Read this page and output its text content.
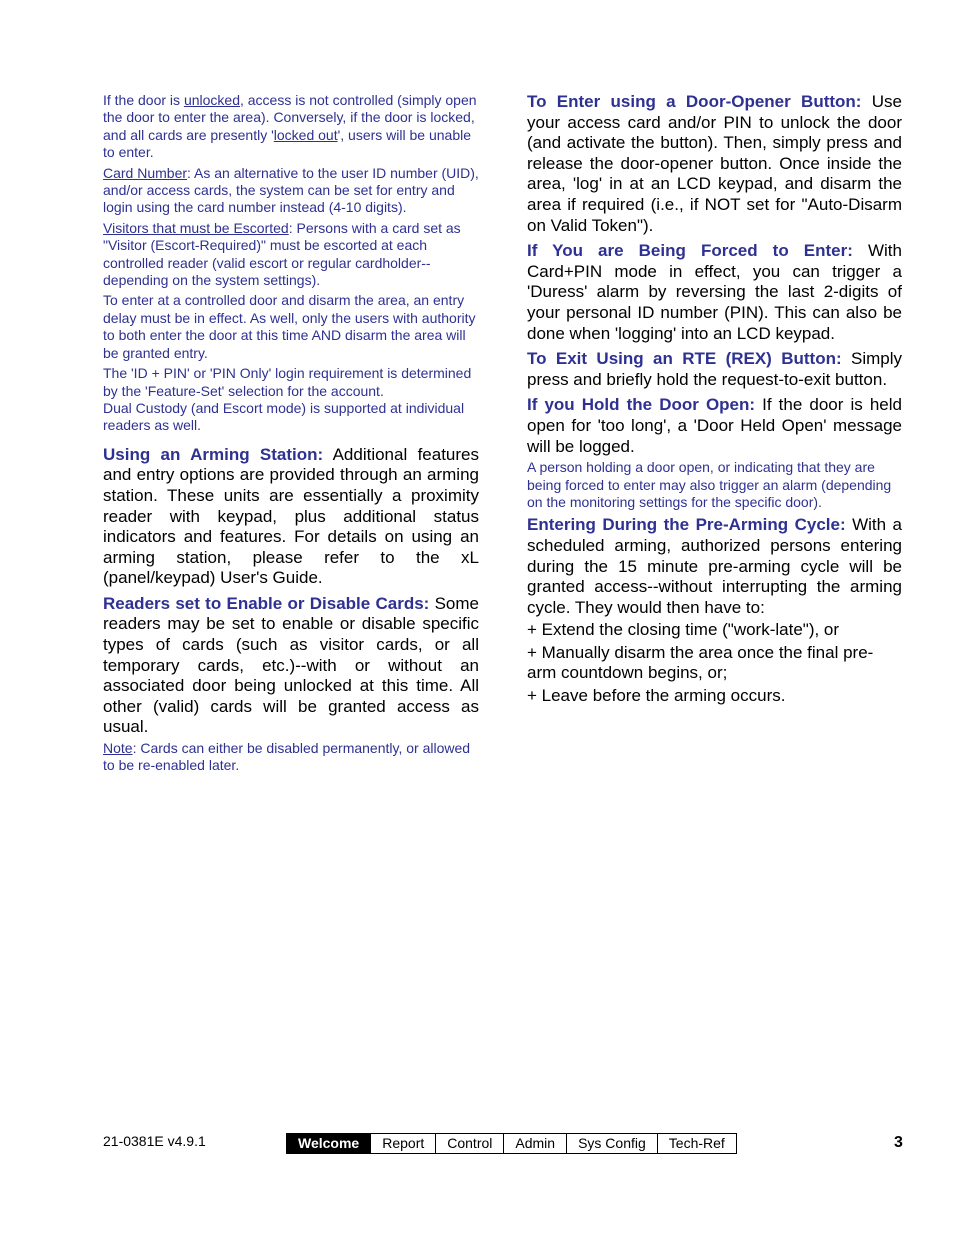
If the door is unlocked, access is not controlled (simply open the door to enter the area). Conversely, if the door is locked, and all cards are presently 'locked out', users will be unable to enter.

Card Number: As an alternative to the user ID number (UID), and/or access cards, the system can be set for entry and login using the card number instead (4-10 digits).

Visitors that must be Escorted: Persons with a card set as "Visitor (Escort-Required)" must be escorted at each controlled reader (valid escort or regular cardholder--depending on the system settings).

To enter at a controlled door and disarm the area, an entry delay must be in effect. As well, only the users with authority to both enter the door at this time AND disarm the area will be granted entry.

The 'ID + PIN' or 'PIN Only' login requirement is determined by the 'Feature-Set' selection for the account.

Dual Custody (and Escort mode) is supported at individual readers as well.

Using an Arming Station: Additional features and entry options are provided through an arming station. These units are essentially a proximity reader with keypad, plus additional status indicators and features. For details on using an arming station, please refer to the xL (panel/keypad) User's Guide.

Readers set to Enable or Disable Cards: Some readers may be set to enable or disable specific types of cards (such as visitor cards, or all temporary cards, etc.)--with or without an associated door being unlocked at this time. All other (valid) cards will be granted access as usual.

Note: Cards can either be disabled permanently, or allowed to be re-enabled later.

To Enter using a Door-Opener Button: Use your access card and/or PIN to unlock the door (and activate the button). Then, simply press and release the door-opener button. Once inside the area, 'log' in at an LCD keypad, and disarm the area if required (i.e., if NOT set for "Auto-Disarm on Valid Token").

If You are Being Forced to Enter: With Card+PIN mode in effect, you can trigger a 'Duress' alarm by reversing the last 2-digits of your personal ID number (PIN). This can also be done when 'logging' into an LCD keypad.

To Exit Using an RTE (REX) Button: Simply press and briefly hold the request-to-exit button.

If you Hold the Door Open: If the door is held open for 'too long', a 'Door Held Open' message will be logged.

A person holding a door open, or indicating that they are being forced to enter may also trigger an alarm (depending on the monitoring settings for the specific door).

Entering During the Pre-Arming Cycle: With a scheduled arming, authorized persons entering during the 15 minute pre-arming cycle will be granted access--without interrupting the arming cycle. They would then have to:

+ Extend the closing time ("work-late"), or

+ Manually disarm the area once the final pre-arm countdown begins, or;

+ Leave before the arming occurs.

21-0381E v4.9.1	Welcome	Report	Control	Admin	Sys Config	Tech-Ref	3
